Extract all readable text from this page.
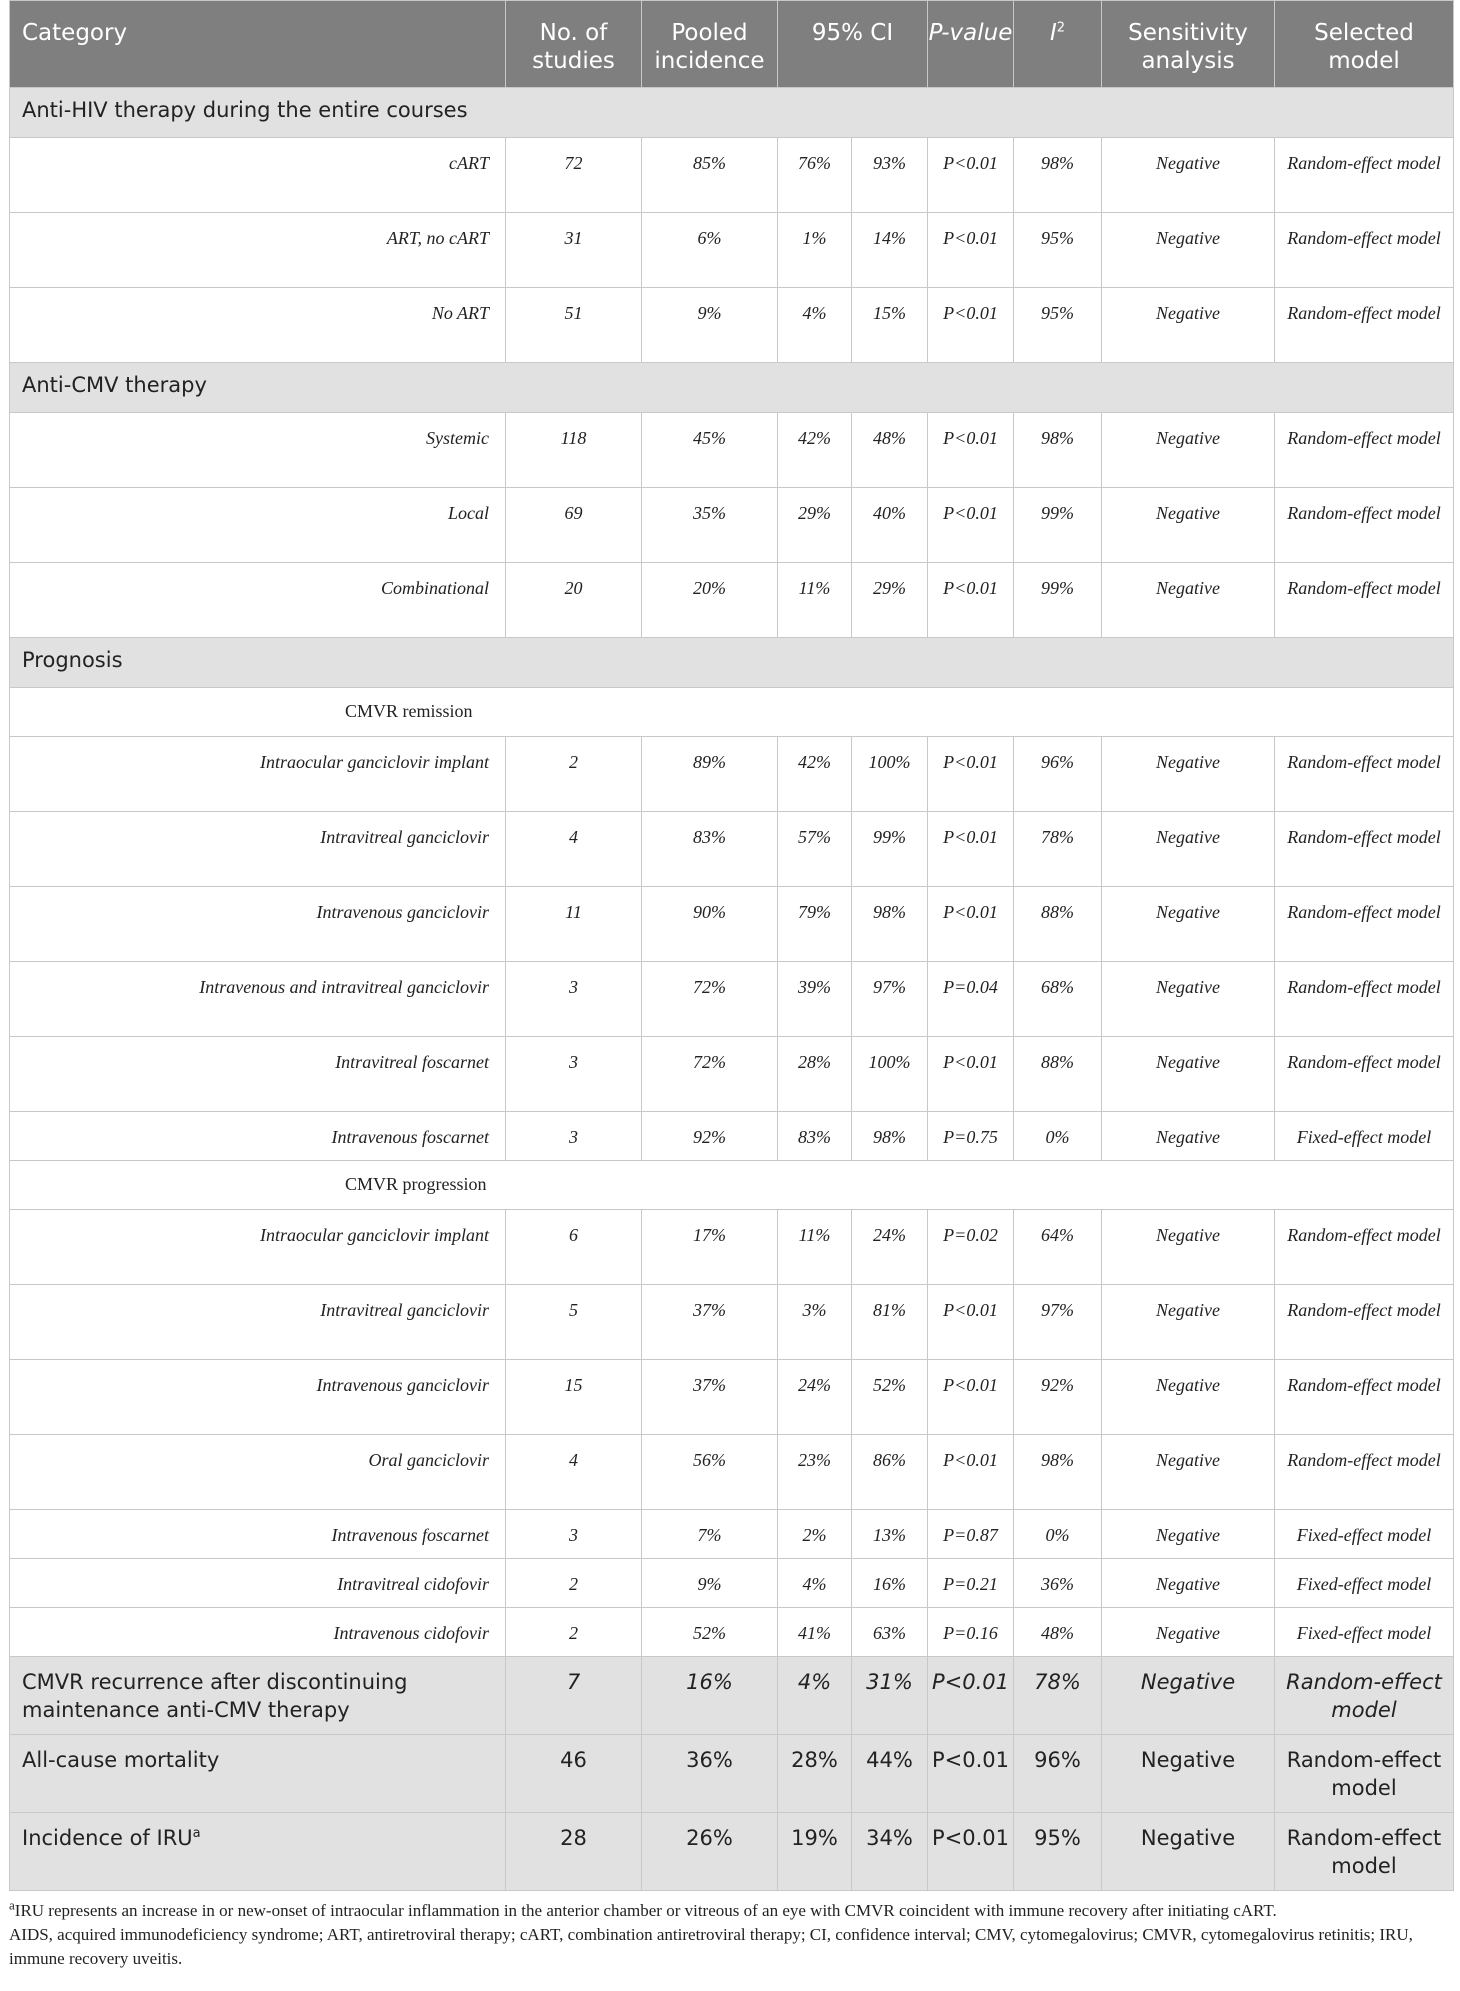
Category	No. of studies	Pooled incidence	95% CI		P-value	$I^2$	Sensitivity analysis	Selected model
Anti-HIV therapy during the entire courses								
cART	72	85%	76%	93%	P<0.01	98%	Negative	Random-effect model
ART, no cART	31	6%	1%	14%	P<0.01	95%	Negative	Random-effect model
No ART	51	9%	4%	15%	P<0.01	95%	Negative	Random-effect model
Anti-CMV therapy								
Systemic	118	45%	42%	48%	P<0.01	98%	Negative	Random-effect model
Local	69	35%	29%	40%	P<0.01	99%	Negative	Random-effect model
Combinational	20	20%	11%	29%	P<0.01	99%	Negative	Random-effect model
Prognosis								
CMVR remission								
Intraocular ganciclovir implant	2	89%	42%	100%	P<0.01	96%	Negative	Random-effect model
Intravitreal ganciclovir	4	83%	57%	99%	P<0.01	78%	Negative	Random-effect model
Intravenous ganciclovir	11	90%	79%	98%	P<0.01	88%	Negative	Random-effect model
Intravenous and intravitreal ganciclovir	3	72%	39%	97%	P=0.04	68%	Negative	Random-effect model
Intravitreal foscarnet	3	72%	28%	100%	P<0.01	88%	Negative	Random-effect model
Intravenous foscarnet	3	92%	83%	98%	P=0.75	0%	Negative	Fixed-effect model
CMVR progression								
Intraocular ganciclovir implant	6	17%	11%	24%	P=0.02	64%	Negative	Random-effect model
Intravitreal ganciclovir	5	37%	3%	81%	P<0.01	97%	Negative	Random-effect model
Intravenous ganciclovir	15	37%	24%	52%	P<0.01	92%	Negative	Random-effect model
Oral ganciclovir	4	56%	23%	86%	P<0.01	98%	Negative	Random-effect model
Intravenous foscarnet	3	7%	2%	13%	P=0.87	0%	Negative	Fixed-effect model
Intravitreal cidofovir	2	9%	4%	16%	P=0.21	36%	Negative	Fixed-effect model
Intravenous cidofovir	2	52%	41%	63%	P=0.16	48%	Negative	Fixed-effect model
CMVR recurrence after discontinuing maintenance anti-CMV therapy	7	16%	4%	31%	P<0.01	78%	Negative	Random-effect model
All-cause mortality	46	36%	28%	44%	P<0.01	96%	Negative	Random-effect model
Incidence of IRU$^a$	28	26%	19%	34%	P<0.01	95%	Negative	Random-effect model

$^a$IRU represents an increase in or new-onset of intraocular inflammation in the anterior chamber or vitreous of an eye with CMVR coincident with immune recovery after initiating cART.

AIDS, acquired immunodeficiency syndrome; ART, antiretroviral therapy; cART, combination antiretroviral therapy; CI, confidence interval; CMV, cytomegalovirus; CMVR, cytomegalovirus retinitis; IRU, immune recovery uveitis.
